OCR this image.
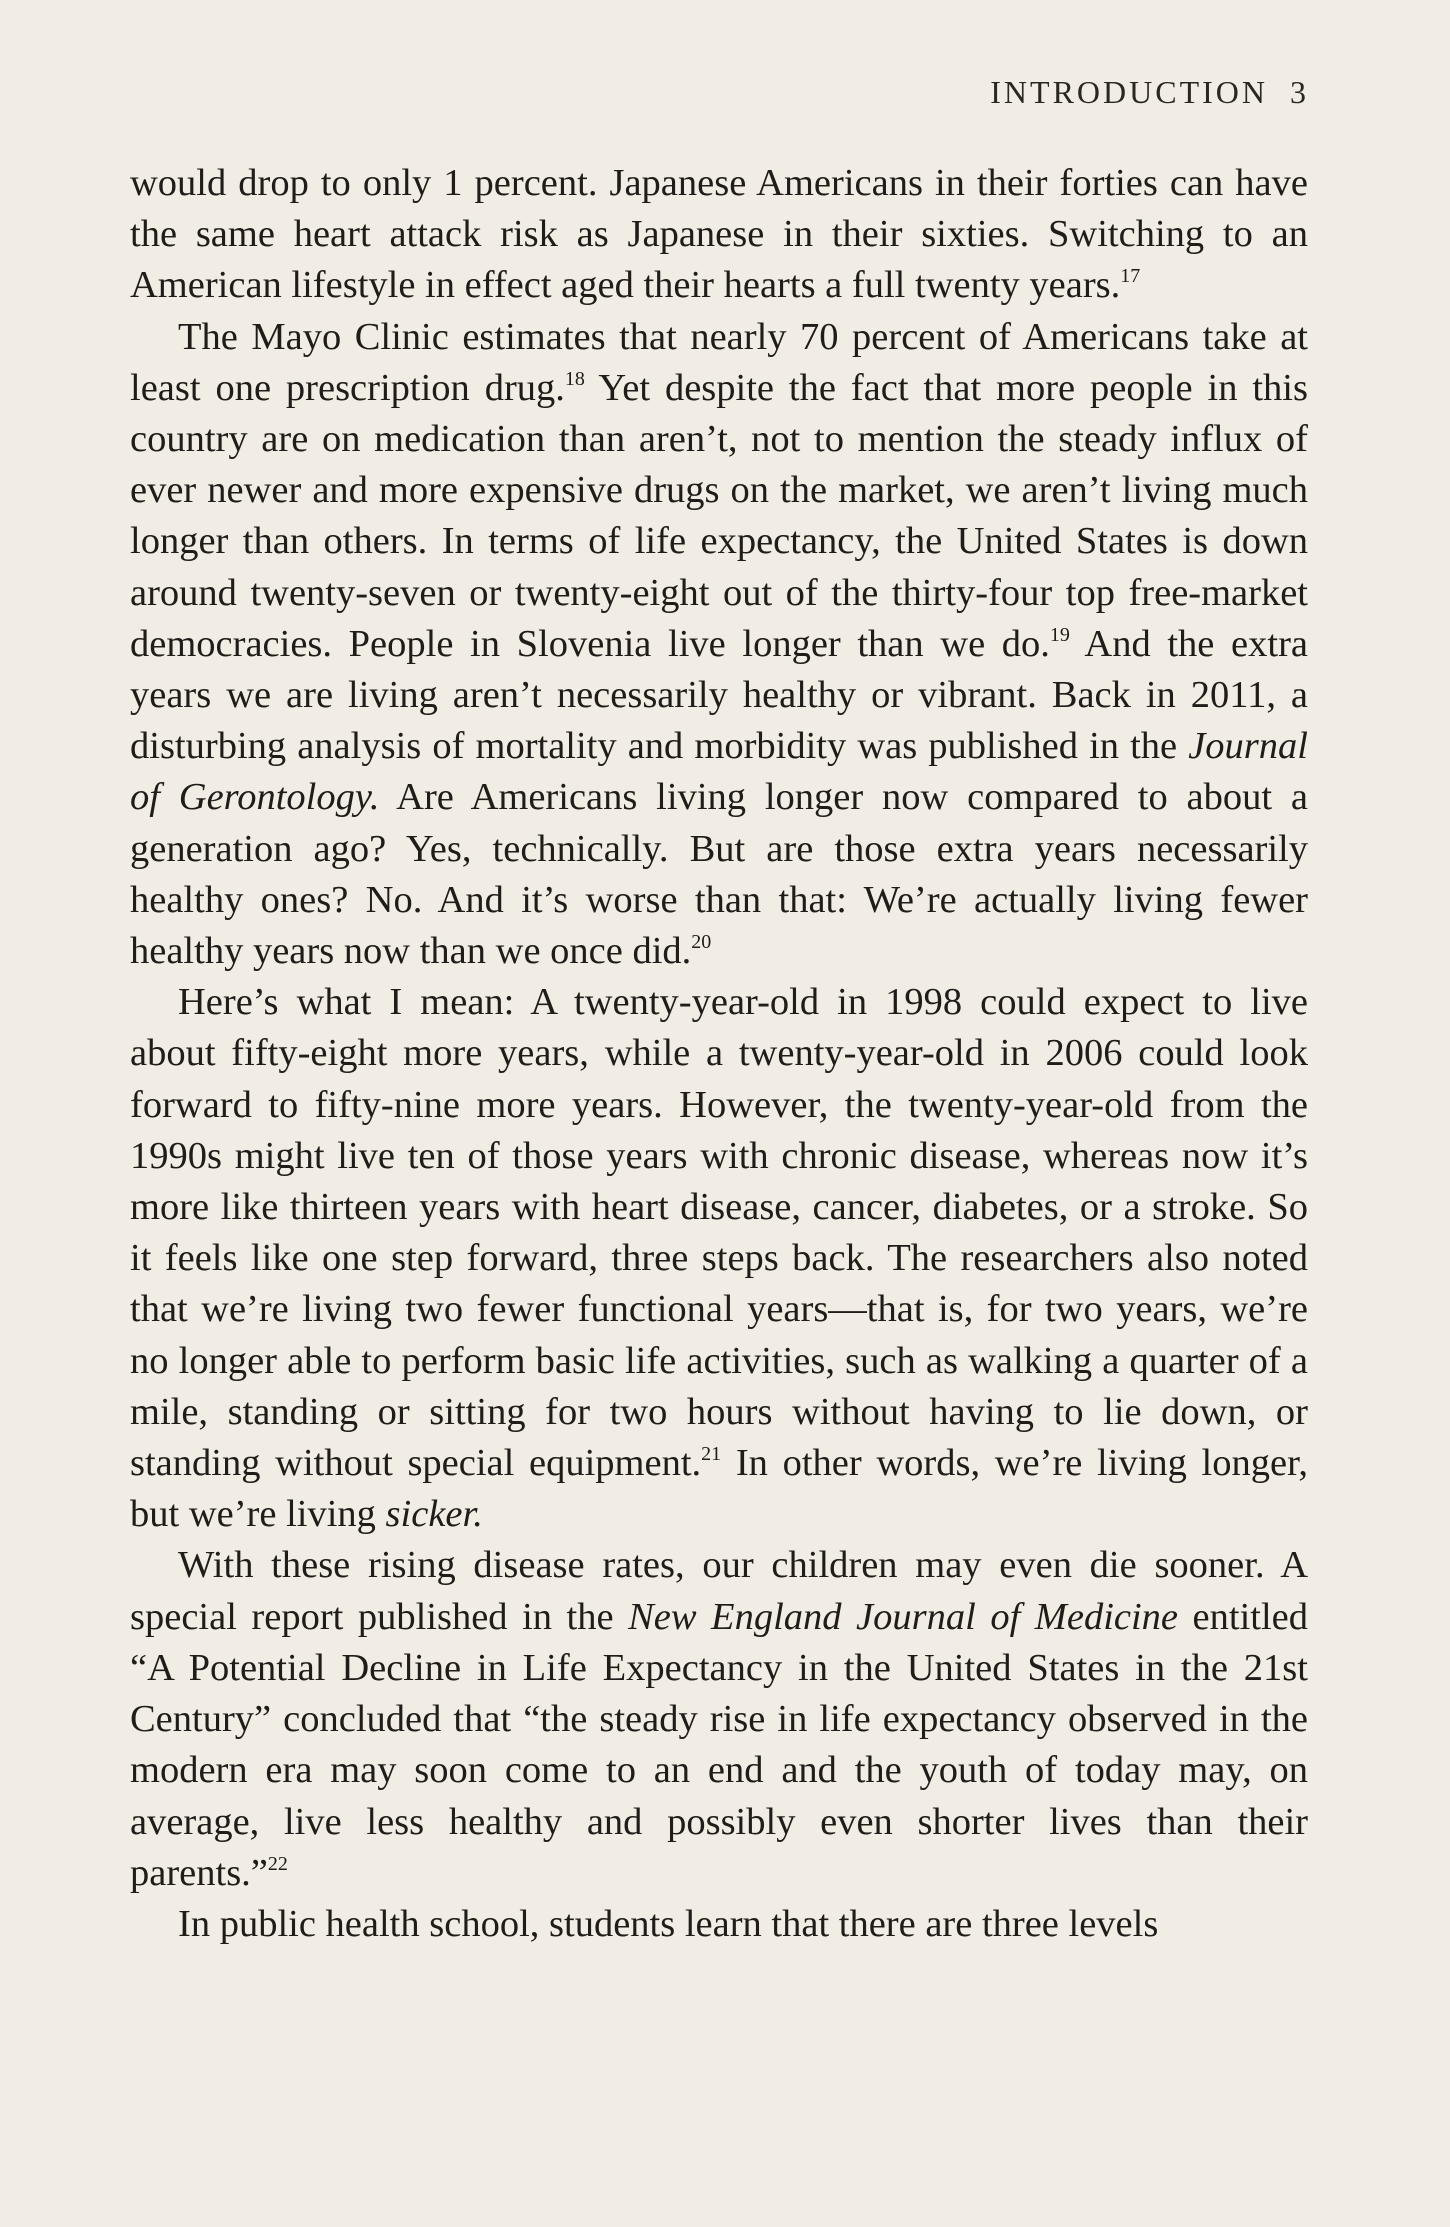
INTRODUCTION 3

would drop to only 1 percent. Japanese Americans in their forties can have the same heart attack risk as Japanese in their sixties. Switching to an American lifestyle in effect aged their hearts a full twenty years.$^{17}$

The Mayo Clinic estimates that nearly 70 percent of Americans take at least one prescription drug.$^{18}$ Yet despite the fact that more people in this country are on medication than aren’t, not to mention the steady influx of ever newer and more expensive drugs on the market, we aren’t living much longer than others. In terms of life expectancy, the United States is down around twenty-seven or twenty-eight out of the thirty-four top free-market democracies. People in Slovenia live longer than we do.$^{19}$ And the extra years we are living aren’t necessarily healthy or vibrant. Back in 2011, a disturbing analysis of mortality and morbidity was published in the Journal of Gerontology. Are Americans living longer now compared to about a generation ago? Yes, technically. But are those extra years necessarily healthy ones? No. And it’s worse than that: We’re actually living fewer healthy years now than we once did.$^{20}$

Here’s what I mean: A twenty-year-old in 1998 could expect to live about fifty-eight more years, while a twenty-year-old in 2006 could look forward to fifty-nine more years. However, the twenty-year-old from the 1990s might live ten of those years with chronic disease, whereas now it’s more like thirteen years with heart disease, cancer, diabetes, or a stroke. So it feels like one step forward, three steps back. The researchers also noted that we’re living two fewer functional years—that is, for two years, we’re no longer able to perform basic life activities, such as walking a quarter of a mile, standing or sitting for two hours without having to lie down, or standing without special equipment.$^{21}$ In other words, we’re living longer, but we’re living sicker.

With these rising disease rates, our children may even die sooner. A special report published in the New England Journal of Medicine entitled “A Potential Decline in Life Expectancy in the United States in the 21st Century” concluded that “the steady rise in life expectancy observed in the modern era may soon come to an end and the youth of today may, on average, live less healthy and possibly even shorter lives than their parents.”$^{22}$

In public health school, students learn that there are three levels
